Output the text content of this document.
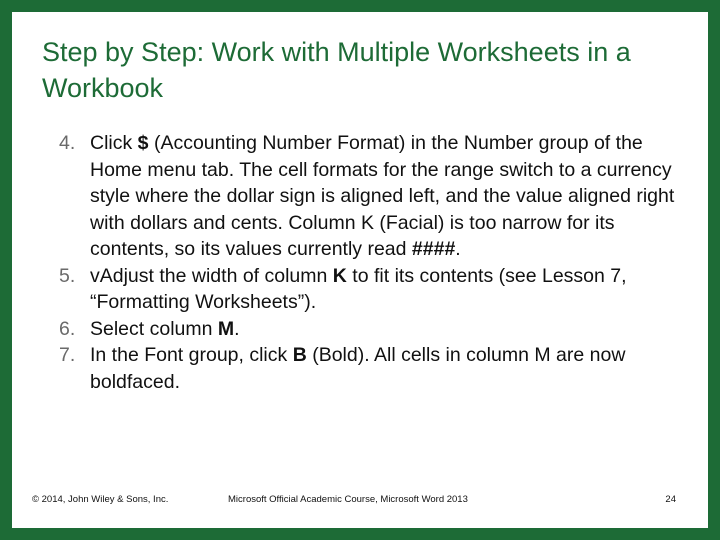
Step by Step: Work with Multiple Worksheets in a Workbook
4. Click $ (Accounting Number Format) in the Number group of the Home menu tab. The cell formats for the range switch to a currency style where the dollar sign is aligned left, and the value aligned right with dollars and cents. Column K (Facial) is too narrow for its contents, so its values currently read ####.
5. vAdjust the width of column K to fit its contents (see Lesson 7, “Formatting Worksheets”).
6. Select column M.
7. In the Font group, click B (Bold). All cells in column M are now boldfaced.
© 2014, John Wiley & Sons, Inc.	Microsoft Official Academic Course, Microsoft Word 2013	24
